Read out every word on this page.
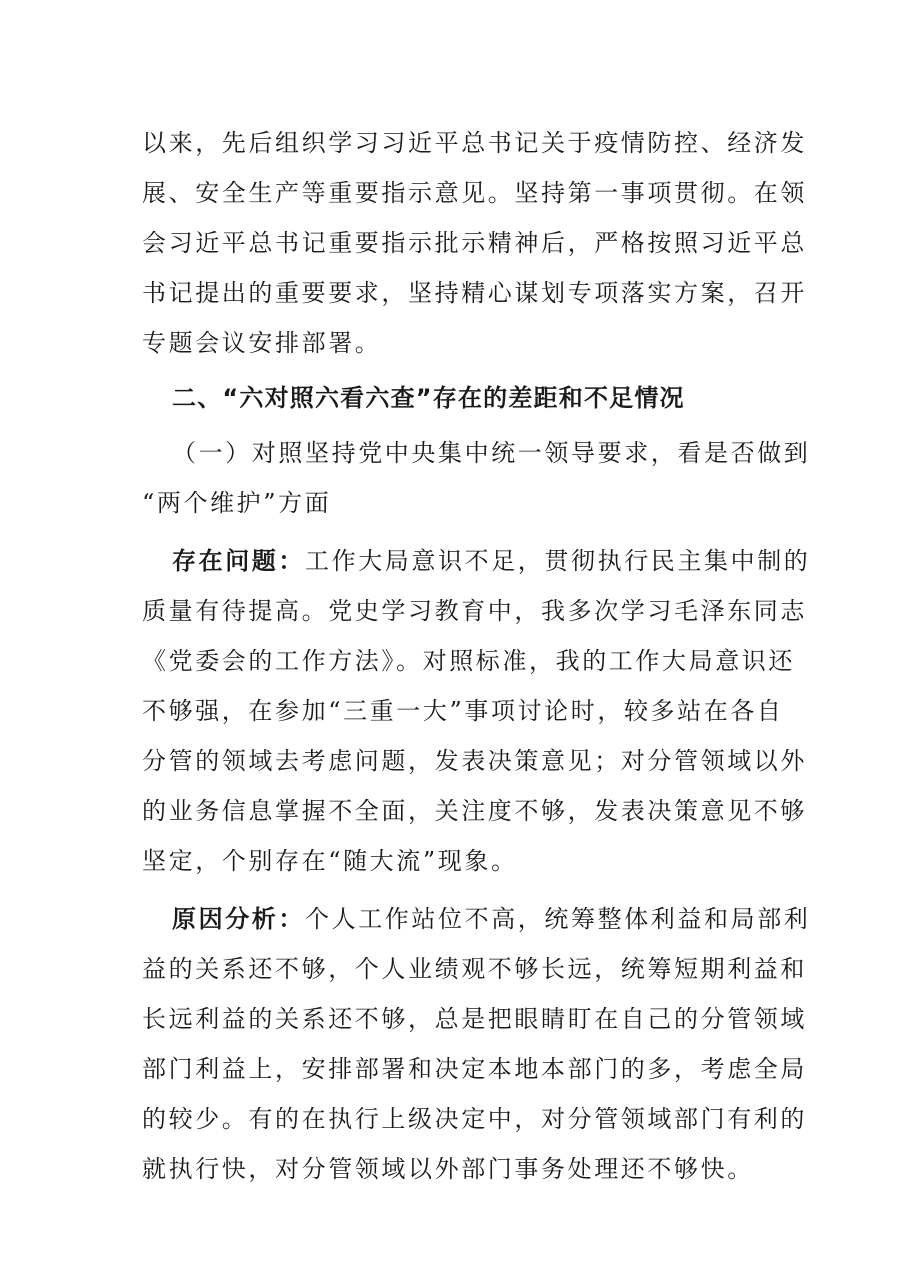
以来，先后组织学习习近平总书记关于疫情防控、经济发
展、安全生产等重要指示意见。坚持第一事项贯彻。在领
会习近平总书记重要指示批示精神后，严格按照习近平总
书记提出的重要要求，坚持精心谋划专项落实方案，召开
专题会议安排部署。
二、“六对照六看六查”存在的差距和不足情况
（一）对照坚持党中央集中统一领导要求，看是否做到
“两个维护”方面
存在问题：工作大局意识不足，贯彻执行民主集中制的
质量有待提高。党史学习教育中，我多次学习毛泽东同志
《党委会的工作方法》。对照标准，我的工作大局意识还
不够强，在参加“三重一大”事项讨论时，较多站在各自
分管的领域去考虑问题，发表决策意见；对分管领域以外
的业务信息掌握不全面，关注度不够，发表决策意见不够
坚定，个别存在“随大流”现象。
原因分析：个人工作站位不高，统筹整体利益和局部利
益的关系还不够，个人业绩观不够长远，统筹短期利益和
长远利益的关系还不够，总是把眼睛盯在自己的分管领域
部门利益上，安排部署和决定本地本部门的多，考虑全局
的较少。有的在执行上级决定中，对分管领域部门有利的
就执行快，对分管领域以外部门事务处理还不够快。
